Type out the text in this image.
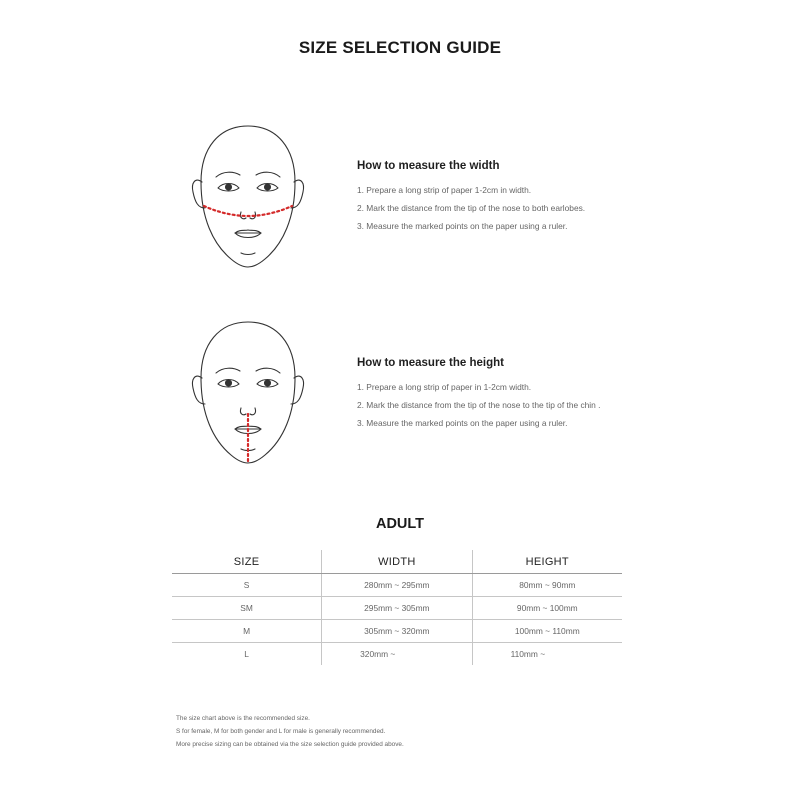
SIZE SELECTION GUIDE
How to measure the width
1. Prepare a long strip of paper 1-2cm in width.
2. Mark the distance from the tip of the nose to both earlobes.
3. Measure the marked points on the paper using a ruler.
How to measure the height
1. Prepare a long strip of paper in 1-2cm width.
2. Mark the distance from the tip of the nose to the tip of the chin .
3. Measure the marked points on the paper using a ruler.
ADULT
SIZE	WIDTH	HEIGHT
S	280mm ~ 295mm	80mm ~ 90mm
SM	295mm ~ 305mm	90mm ~ 100mm
M	305mm ~ 320mm	100mm ~ 110mm
L	320mm ~	110mm ~

The size chart above is the recommended size.

S for female, M for both gender and L for male is generally recommended.

More precise sizing can be obtained via the size selection guide provided above.
